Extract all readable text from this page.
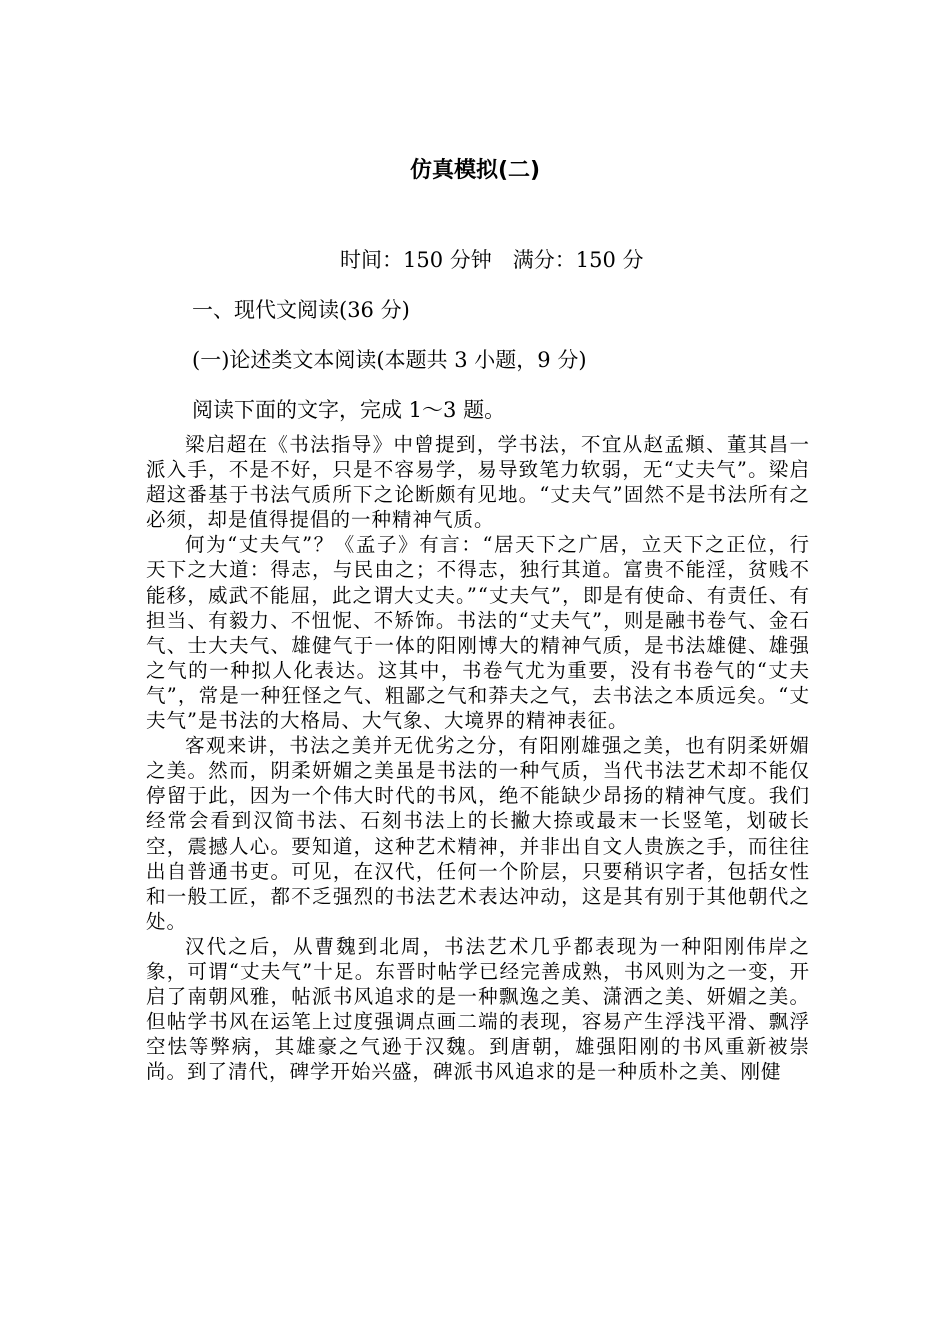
仿真模拟(二)
时间：150 分钟　满分：150 分
一、现代文阅读(36 分)
(一)论述类文本阅读(本题共 3 小题，9 分)
阅读下面的文字，完成 1～3 题。

梁启超在《书法指导》中曾提到，学书法，不宜从赵孟頫、董其昌一派入手，不是不好，只是不容易学，易导致笔力软弱，无“丈夫气”。梁启超这番基于书法气质所下之论断颇有见地。“丈夫气”固然不是书法所有之必须，却是值得提倡的一种精神气质。

何为“丈夫气”？《孟子》有言：“居天下之广居，立天下之正位，行天下之大道：得志，与民由之；不得志，独行其道。富贵不能淫，贫贱不能移，威武不能屈，此之谓大丈夫。”“丈夫气”，即是有使命、有责任、有担当、有毅力、不忸怩、不矫饰。书法的“丈夫气”，则是融书卷气、金石气、士大夫气、雄健气于一体的阳刚博大的精神气质，是书法雄健、雄强之气的一种拟人化表达。这其中，书卷气尤为重要，没有书卷气的“丈夫气”，常是一种狂怪之气、粗鄙之气和莽夫之气，去书法之本质远矣。“丈夫气”是书法的大格局、大气象、大境界的精神表征。

客观来讲，书法之美并无优劣之分，有阳刚雄强之美，也有阴柔妍媚之美。然而，阴柔妍媚之美虽是书法的一种气质，当代书法艺术却不能仅停留于此，因为一个伟大时代的书风，绝不能缺少昂扬的精神气度。我们经常会看到汉简书法、石刻书法上的长撇大捺或最末一长竖笔，划破长空，震撼人心。要知道，这种艺术精神，并非出自文人贵族之手，而往往出自普通书吏。可见，在汉代，任何一个阶层，只要稍识字者，包括女性和一般工匠，都不乏强烈的书法艺术表达冲动，这是其有别于其他朝代之处。

汉代之后，从曹魏到北周，书法艺术几乎都表现为一种阳刚伟岸之象，可谓“丈夫气”十足。东晋时帖学已经完善成熟，书风则为之一变，开启了南朝风雅，帖派书风追求的是一种飘逸之美、潇洒之美、妍媚之美。但帖学书风在运笔上过度强调点画二端的表现，容易产生浮浅平滑、飘浮空怯等弊病，其雄豪之气逊于汉魏。到唐朝，雄强阳刚的书风重新被崇尚。到了清代，碑学开始兴盛，碑派书风追求的是一种质朴之美、刚健
